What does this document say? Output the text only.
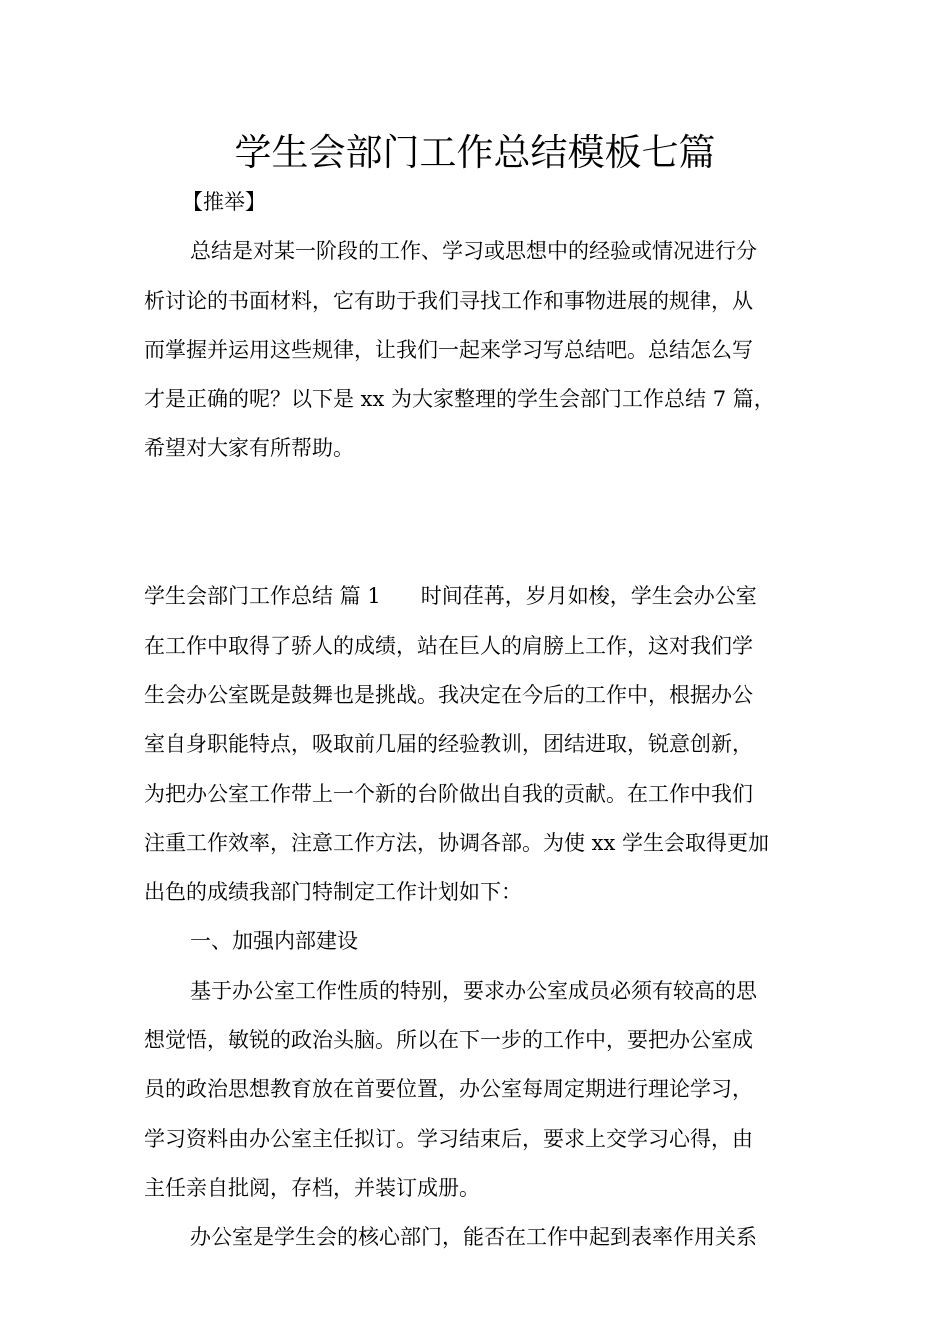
学生会部门工作总结模板七篇

【推举】

总结是对某一阶段的工作、学习或思想中的经验或情况进行分

析讨论的书面材料，它有助于我们寻找工作和事物进展的规律，从

而掌握并运用这些规律，让我们一起来学习写总结吧。总结怎么写

才是正确的呢？以下是 xx 为大家整理的学生会部门工作总结 7 篇，

希望对大家有所帮助。

学生会部门工作总结 篇 1 时间荏苒，岁月如梭，学生会办公室

在工作中取得了骄人的成绩，站在巨人的肩膀上工作，这对我们学

生会办公室既是鼓舞也是挑战。我决定在今后的工作中，根据办公

室自身职能特点，吸取前几届的经验教训，团结进取，锐意创新，

为把办公室工作带上一个新的台阶做出自我的贡献。在工作中我们

注重工作效率，注意工作方法，协调各部。为使 xx 学生会取得更加

出色的成绩我部门特制定工作计划如下：

一、加强内部建设

基于办公室工作性质的特别，要求办公室成员必须有较高的思

想觉悟，敏锐的政治头脑。所以在下一步的工作中，要把办公室成

员的政治思想教育放在首要位置，办公室每周定期进行理论学习，

学习资料由办公室主任拟订。学习结束后，要求上交学习心得，由

主任亲自批阅，存档，并装订成册。

办公室是学生会的核心部门，能否在工作中起到表率作用关系
